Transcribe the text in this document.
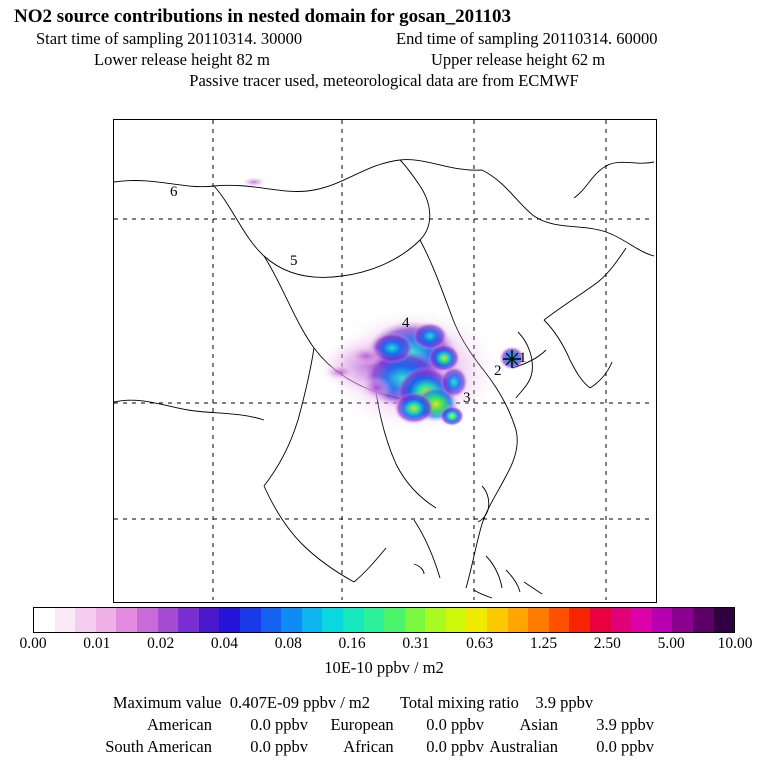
NO2 source contributions in nested domain for gosan_201103
Start time of sampling 20110314. 30000	End time of sampling 20110314. 60000
Lower release height 82 m	Upper release height 62 m
Passive tracer used, meteorological data are from ECMWF
1
2
3
4
5
6
0.00 0.01 0.02 0.04 0.08 0.16 0.31 0.63 1.25 2.50 5.00 10.00
10E-10 ppbv / m2
Maximum value 0.407E-09 ppbv / m2	Total mixing ratio 3.9 ppbv
American	0.0 ppbv	European	0.0 ppbv	Asian	3.9 ppbv
South American	0.0 ppbv	African	0.0 ppbv Australian	0.0 ppbv
